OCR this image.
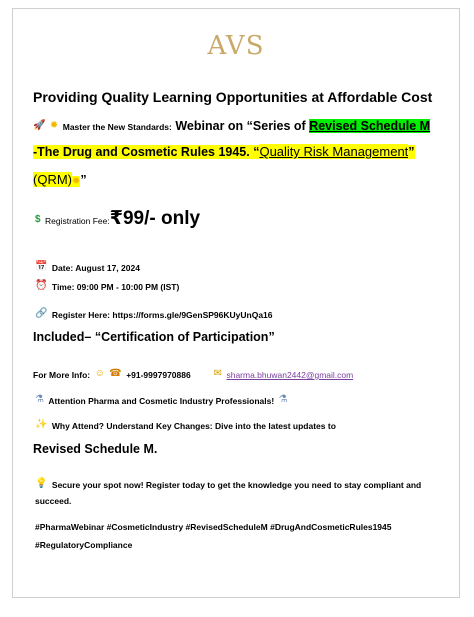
AVS
Providing Quality Learning Opportunities at Affordable Cost
🚀 ✹ Master the New Standards: Webinar on “Series of Revised Schedule M
-The Drug and Cosmetic Rules 1945. “Quality Risk Management”
(QRM)✹”
$ Registration Fee:₹99/- only
📅 Date: August 17, 2024
⏰ Time: 09:00 PM - 10:00 PM (IST)
🔗 Register Here: https://forms.gle/9GenSP96KUyUnQa16
Included– “Certification of Participation”
For More Info: ☺ ☎ +91-9997970886 ✉ sharma.bhuwan2442@gmail.com
⚗ Attention Pharma and Cosmetic Industry Professionals! ⚗
✨ Why Attend? Understand Key Changes: Dive into the latest updates to
Revised Schedule M.
💡 Secure your spot now! Register today to get the knowledge you need to stay compliant and
succeed.
#PharmaWebinar #CosmeticIndustry #RevisedScheduleM #DrugAndCosmeticRules1945
#RegulatoryCompliance
